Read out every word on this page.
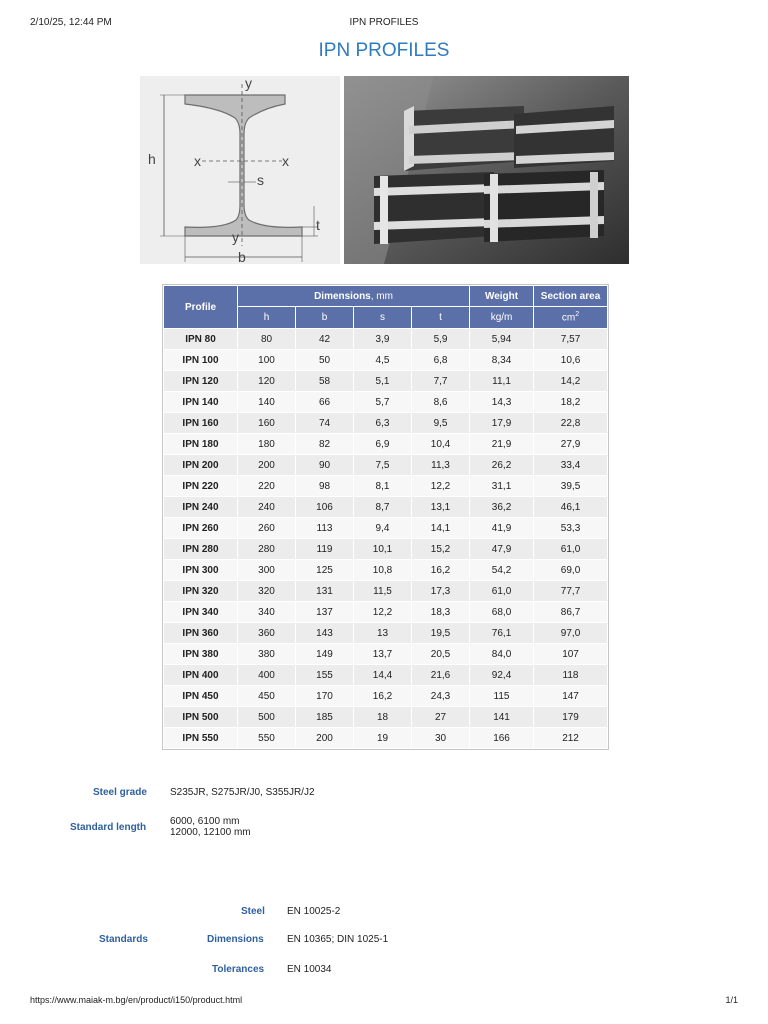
2/10/25, 12:44 PM	IPN PROFILES
IPN PROFILES
y
y
x	x
h
s
t
b
Profile	Dimensions, mm				Weight	Section area
	h	b	s	t	kg/m	$cm^2$
IPN 80	80	42	3,9	5,9	5,94	7,57
IPN 100	100	50	4,5	6,8	8,34	10,6
IPN 120	120	58	5,1	7,7	11,1	14,2
IPN 140	140	66	5,7	8,6	14,3	18,2
IPN 160	160	74	6,3	9,5	17,9	22,8
IPN 180	180	82	6,9	10,4	21,9	27,9
IPN 200	200	90	7,5	11,3	26,2	33,4
IPN 220	220	98	8,1	12,2	31,1	39,5
IPN 240	240	106	8,7	13,1	36,2	46,1
IPN 260	260	113	9,4	14,1	41,9	53,3
IPN 280	280	119	10,1	15,2	47,9	61,0
IPN 300	300	125	10,8	16,2	54,2	69,0
IPN 320	320	131	11,5	17,3	61,0	77,7
IPN 340	340	137	12,2	18,3	68,0	86,7
IPN 360	360	143	13	19,5	76,1	97,0
IPN 380	380	149	13,7	20,5	84,0	107
IPN 400	400	155	14,4	21,6	92,4	118
IPN 450	450	170	16,2	24,3	115	147
IPN 500	500	185	18	27	141	179
IPN 550	550	200	19	30	166	212
Steel grade S235JR, S275JR/J0, S355JR/J2
Standard length
6000, 6100 mm
12000, 12100 mm
Steel EN 10025-2
Standards	Dimensions EN 10365; DIN 1025-1
Tolerances EN 10034
https://www.maiak-m.bg/en/product/i150/product.html	1/1
